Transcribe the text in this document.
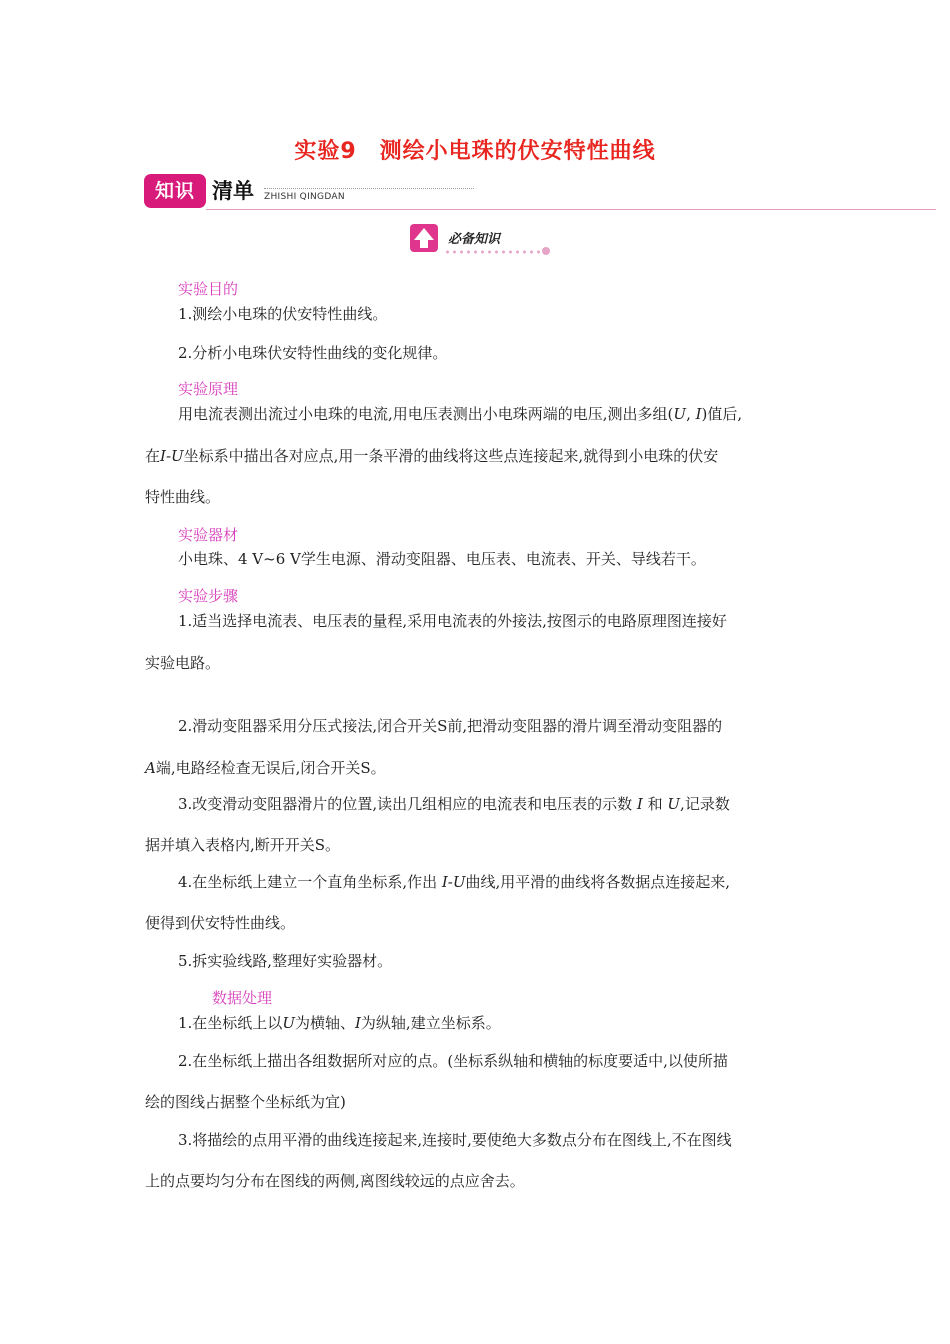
实验9　测绘小电珠的伏安特性曲线
知识 清单 ZHISHI QINGDAN
必备知识
实验目的
1.测绘小电珠的伏安特性曲线。
2.分析小电珠伏安特性曲线的变化规律。
实验原理
用电流表测出流过小电珠的电流,用电压表测出小电珠两端的电压,测出多组(U, I)值后,
在I-U坐标系中描出各对应点,用一条平滑的曲线将这些点连接起来,就得到小电珠的伏安
特性曲线。
实验器材
小电珠、4 V~6 V学生电源、滑动变阻器、电压表、电流表、开关、导线若干。
实验步骤
1.适当选择电流表、电压表的量程,采用电流表的外接法,按图示的电路原理图连接好
实验电路。
2.滑动变阻器采用分压式接法,闭合开关S前,把滑动变阻器的滑片调至滑动变阻器的
A端,电路经检查无误后,闭合开关S。
3.改变滑动变阻器滑片的位置,读出几组相应的电流表和电压表的示数 I 和 U,记录数
据并填入表格内,断开开关S。
4.在坐标纸上建立一个直角坐标系,作出 I-U曲线,用平滑的曲线将各数据点连接起来,
便得到伏安特性曲线。
5.拆实验线路,整理好实验器材。
数据处理
1.在坐标纸上以U为横轴、I为纵轴,建立坐标系。
2.在坐标纸上描出各组数据所对应的点。(坐标系纵轴和横轴的标度要适中,以使所描
绘的图线占据整个坐标纸为宜)
3.将描绘的点用平滑的曲线连接起来,连接时,要使绝大多数点分布在图线上,不在图线
上的点要均匀分布在图线的两侧,离图线较远的点应舍去。
